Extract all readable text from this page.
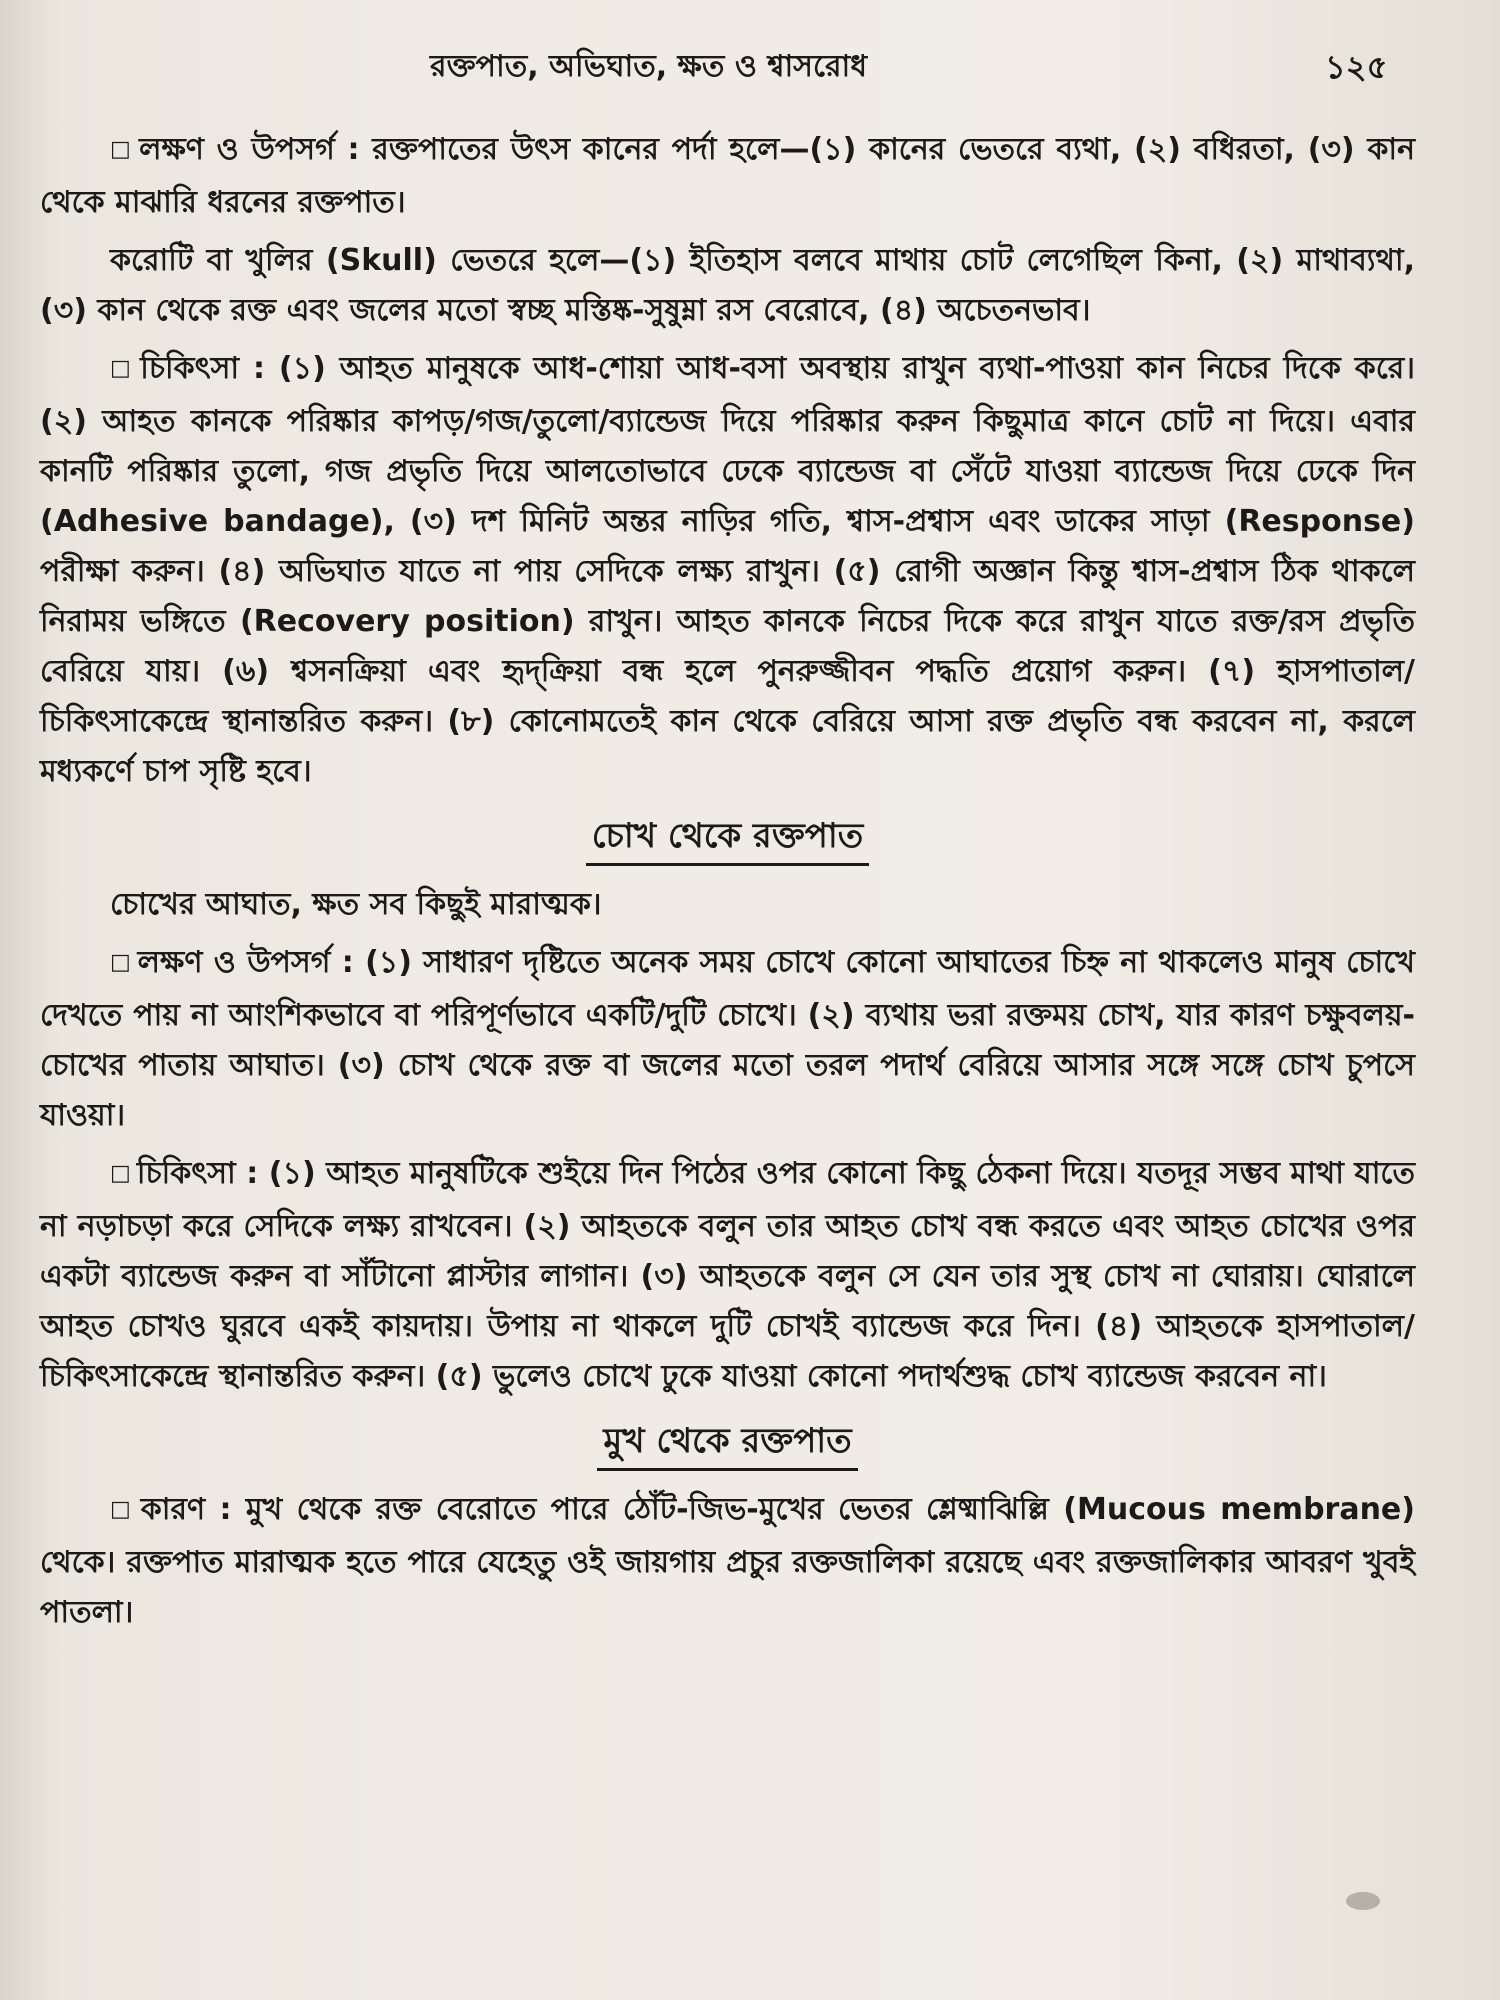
রক্তপাত, অভিঘাত, ক্ষত ও শ্বাসরোধ	১২৫

□ লক্ষণ ও উপসর্গ : রক্তপাতের উৎস কানের পর্দা হলে—(১) কানের ভেতরে ব্যথা, (২) বধিরতা, (৩) কান থেকে মাঝারি ধরনের রক্তপাত।

করোটি বা খুলির (Skull) ভেতরে হলে—(১) ইতিহাস বলবে মাথায় চোট লেগেছিল কিনা, (২) মাথাব্যথা, (৩) কান থেকে রক্ত এবং জলের মতো স্বচ্ছ মস্তিষ্ক-সুষুম্না রস বেরোবে, (৪) অচেতনভাব।

□ চিকিৎসা : (১) আহত মানুষকে আধ-শোয়া আধ-বসা অবস্থায় রাখুন ব্যথা-পাওয়া কান নিচের দিকে করে। (২) আহত কানকে পরিষ্কার কাপড়/গজ/তুলো/ব্যান্ডেজ দিয়ে পরিষ্কার করুন কিছুমাত্র কানে চোট না দিয়ে। এবার কানটি পরিষ্কার তুলো, গজ প্রভৃতি দিয়ে আলতোভাবে ঢেকে ব্যান্ডেজ বা সেঁটে যাওয়া ব্যান্ডেজ দিয়ে ঢেকে দিন (Adhesive bandage), (৩) দশ মিনিট অন্তর নাড়ির গতি, শ্বাস-প্রশ্বাস এবং ডাকের সাড়া (Response) পরীক্ষা করুন। (৪) অভিঘাত যাতে না পায় সেদিকে লক্ষ্য রাখুন। (৫) রোগী অজ্ঞান কিন্তু শ্বাস-প্রশ্বাস ঠিক থাকলে নিরাময় ভঙ্গিতে (Recovery position) রাখুন। আহত কানকে নিচের দিকে করে রাখুন যাতে রক্ত/রস প্রভৃতি বেরিয়ে যায়। (৬) শ্বসনক্রিয়া এবং হৃদ্‌ক্রিয়া বন্ধ হলে পুনরুজ্জীবন পদ্ধতি প্রয়োগ করুন। (৭) হাসপাতাল/চিকিৎসাকেন্দ্রে স্থানান্তরিত করুন। (৮) কোনোমতেই কান থেকে বেরিয়ে আসা রক্ত প্রভৃতি বন্ধ করবেন না, করলে মধ্যকর্ণে চাপ সৃষ্টি হবে।

চোখ থেকে রক্তপাত

চোখের আঘাত, ক্ষত সব কিছুই মারাত্মক।

□ লক্ষণ ও উপসর্গ : (১) সাধারণ দৃষ্টিতে অনেক সময় চোখে কোনো আঘাতের চিহ্ন না থাকলেও মানুষ চোখে দেখতে পায় না আংশিকভাবে বা পরিপূর্ণভাবে একটি/দুটি চোখে। (২) ব্যথায় ভরা রক্তময় চোখ, যার কারণ চক্ষুবলয়-চোখের পাতায় আঘাত। (৩) চোখ থেকে রক্ত বা জলের মতো তরল পদার্থ বেরিয়ে আসার সঙ্গে সঙ্গে চোখ চুপসে যাওয়া।

□ চিকিৎসা : (১) আহত মানুষটিকে শুইয়ে দিন পিঠের ওপর কোনো কিছু ঠেকনা দিয়ে। যতদূর সম্ভব মাথা যাতে না নড়াচড়া করে সেদিকে লক্ষ্য রাখবেন। (২) আহতকে বলুন তার আহত চোখ বন্ধ করতে এবং আহত চোখের ওপর একটা ব্যান্ডেজ করুন বা সাঁটানো প্লাস্টার লাগান। (৩) আহতকে বলুন সে যেন তার সুস্থ চোখ না ঘোরায়। ঘোরালে আহত চোখও ঘুরবে একই কায়দায়। উপায় না থাকলে দুটি চোখই ব্যান্ডেজ করে দিন। (৪) আহতকে হাসপাতাল/চিকিৎসাকেন্দ্রে স্থানান্তরিত করুন। (৫) ভুলেও চোখে ঢুকে যাওয়া কোনো পদার্থশুদ্ধ চোখ ব্যান্ডেজ করবেন না।

মুখ থেকে রক্তপাত

□ কারণ : মুখ থেকে রক্ত বেরোতে পারে ঠোঁট-জিভ-মুখের ভেতর শ্লেষ্মাঝিল্লি (Mucous membrane) থেকে। রক্তপাত মারাত্মক হতে পারে যেহেতু ওই জায়গায় প্রচুর রক্তজালিকা রয়েছে এবং রক্তজালিকার আবরণ খুবই পাতলা।
